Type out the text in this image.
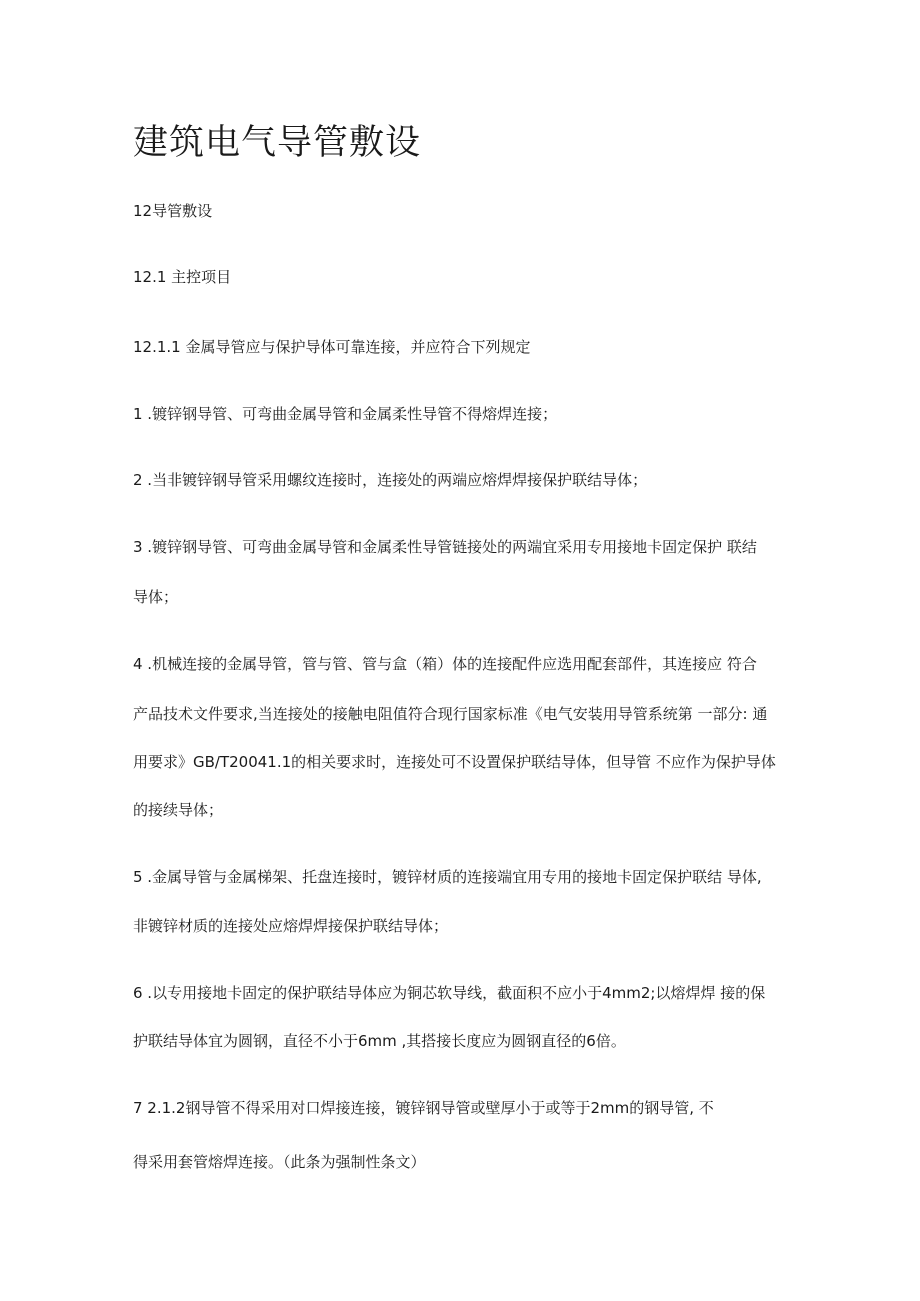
建筑电气导管敷设

12导管敷设

12.1 主控项目

12.1.1 金属导管应与保护导体可靠连接，并应符合下列规定

1 .镀锌钢导管、可弯曲金属导管和金属柔性导管不得熔焊连接；

2 .当非镀锌钢导管采用螺纹连接时，连接处的两端应熔焊焊接保护联结导体；

3 .镀锌钢导管、可弯曲金属导管和金属柔性导管链接处的两端宜采用专用接地卡固定保护 联结

导体；

4 .机械连接的金属导管，管与管、管与盒（箱）体的连接配件应选用配套部件，其连接应 符合

产品技术文件要求,当连接处的接触电阻值符合现行国家标准《电气安装用导管系统第 一部分: 通

用要求》GB/T20041.1的相关要求时，连接处可不设置保护联结导体，但导管 不应作为保护导体

的接续导体；

5 .金属导管与金属梯架、托盘连接时，镀锌材质的连接端宜用专用的接地卡固定保护联结 导体,

非镀锌材质的连接处应熔焊焊接保护联结导体；

6 .以专用接地卡固定的保护联结导体应为铜芯软导线，截面积不应小于4mm2;以熔焊焊 接的保

护联结导体宜为圆钢，直径不小于6mm ,其搭接长度应为圆钢直径的6倍。

7 2.1.2钢导管不得采用对口焊接连接，镀锌钢导管或壁厚小于或等于2mm的钢导管, 不

得采用套管熔焊连接。（此条为强制性条文）
